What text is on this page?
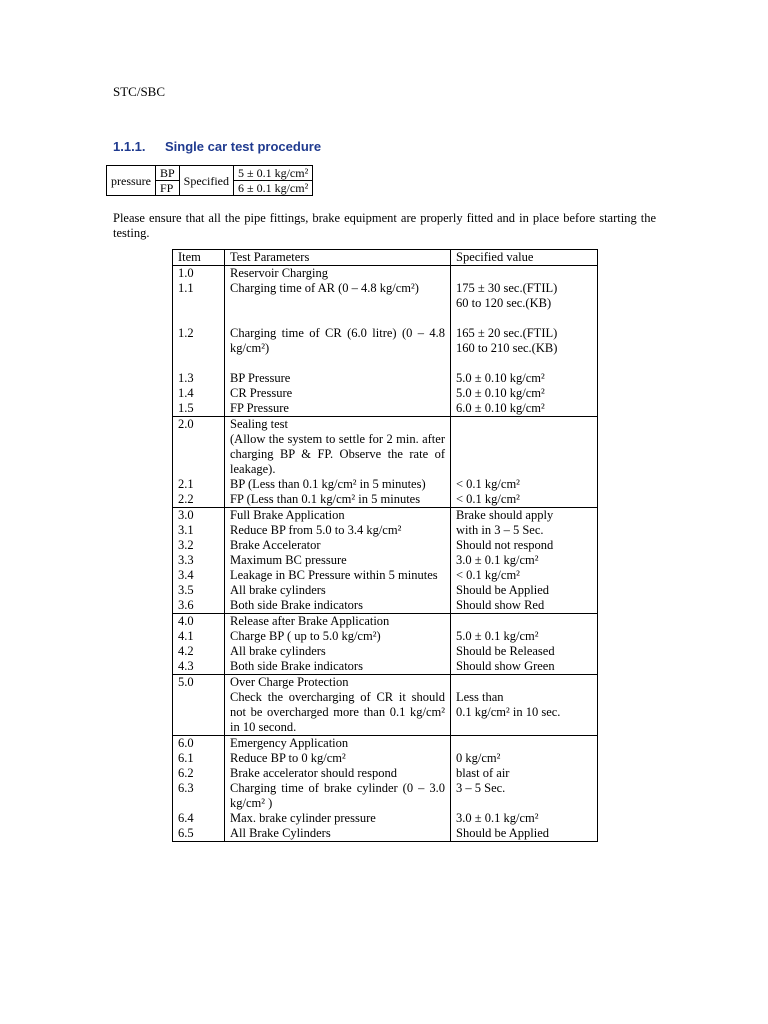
STC/SBC
1.1.1. Single car test procedure
pressure	BP	Specified	5 ± 0.1 kg/cm²
	FP		6 ± 0.1 kg/cm²
Please ensure that all the pipe fittings, brake equipment are properly fitted and in place before starting the testing.
Item	Test Parameters	Specified value
1.0	Reservoir Charging	
1.1	Charging time of AR (0 – 4.8 kg/cm²)	175 ± 30 sec.(FTIL)
60 to 120 sec.(KB)

1.2	Charging time of CR (6.0 litre) (0 – 4.8 kg/cm²)	165 ± 20 sec.(FTIL)
160 to 210 sec.(KB)

1.3	BP Pressure	5.0 ± 0.10 kg/cm²
1.4	CR Pressure	5.0 ± 0.10 kg/cm²
1.5	FP Pressure	6.0 ± 0.10 kg/cm²
2.0	Sealing test
(Allow the system to settle for 2 min. after charging BP & FP. Observe the rate of leakage).	
2.1	BP (Less than 0.1 kg/cm² in 5 minutes)	< 0.1 kg/cm²
2.2	FP (Less than 0.1 kg/cm² in 5 minutes	< 0.1 kg/cm²
3.0	Full Brake Application	Brake should apply
3.1	Reduce BP from 5.0 to 3.4 kg/cm²	with in 3 – 5 Sec.
3.2	Brake Accelerator	Should not respond
3.3	Maximum BC pressure	3.0 ± 0.1 kg/cm²
3.4	Leakage in BC Pressure within 5 minutes	< 0.1 kg/cm²
3.5	All brake cylinders	Should be Applied
3.6	Both side Brake indicators	Should show Red
4.0	Release after Brake Application	
4.1	Charge BP ( up to 5.0 kg/cm²)	5.0 ± 0.1 kg/cm²
4.2	All brake cylinders	Should be Released
4.3	Both side Brake indicators	Should show Green
5.0	Over Charge Protection	
	Check the overcharging of CR it should not be overcharged more than 0.1 kg/cm² in 10 second.	Less than
0.1 kg/cm² in 10 sec.
6.0	Emergency Application	
6.1	Reduce BP to 0 kg/cm²	0 kg/cm²
6.2	Brake accelerator should respond	blast of air
6.3	Charging time of brake cylinder (0 – 3.0 kg/cm² )	3 – 5 Sec.
6.4	Max. brake cylinder pressure	3.0 ± 0.1 kg/cm²
6.5	All Brake Cylinders	Should be Applied
